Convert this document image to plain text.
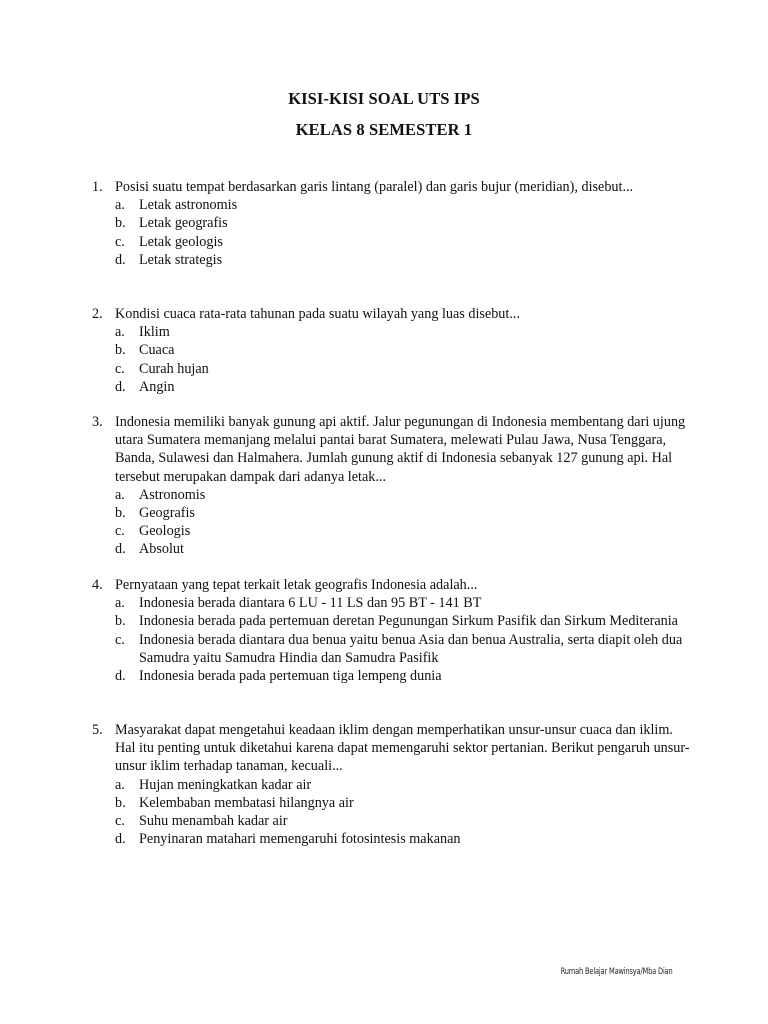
KISI-KISI SOAL UTS IPS
KELAS 8 SEMESTER 1
1. Posisi suatu tempat berdasarkan garis lintang (paralel) dan garis bujur (meridian), disebut...
a. Letak astronomis
b. Letak geografis
c. Letak geologis
d. Letak strategis
2. Kondisi cuaca rata-rata tahunan pada suatu wilayah yang luas disebut...
a. Iklim
b. Cuaca
c. Curah hujan
d. Angin
3. Indonesia memiliki banyak gunung api aktif. Jalur pegunungan di Indonesia membentang dari ujung utara Sumatera memanjang melalui pantai barat Sumatera, melewati Pulau Jawa, Nusa Tenggara, Banda, Sulawesi dan Halmahera. Jumlah gunung aktif di Indonesia sebanyak 127 gunung api. Hal tersebut merupakan dampak dari adanya letak...
a. Astronomis
b. Geografis
c. Geologis
d. Absolut
4. Pernyataan yang tepat terkait letak geografis Indonesia adalah...
a. Indonesia berada diantara 6 LU - 11 LS dan 95 BT - 141 BT
b. Indonesia berada pada pertemuan deretan Pegunungan Sirkum Pasifik dan Sirkum Mediterania
c. Indonesia berada diantara dua benua yaitu benua Asia dan benua Australia, serta diapit oleh dua Samudra yaitu Samudra Hindia dan Samudra Pasifik
d. Indonesia berada pada pertemuan tiga lempeng dunia
5. Masyarakat dapat mengetahui keadaan iklim dengan memperhatikan unsur-unsur cuaca dan iklim. Hal itu penting untuk diketahui karena dapat memengaruhi sektor pertanian. Berikut pengaruh unsur-unsur iklim terhadap tanaman, kecuali...
a. Hujan meningkatkan kadar air
b. Kelembaban membatasi hilangnya air
c. Suhu menambah kadar air
d. Penyinaran matahari memengaruhi fotosintesis makanan
Rumah Belajar Mawinsya/Mba Dian
